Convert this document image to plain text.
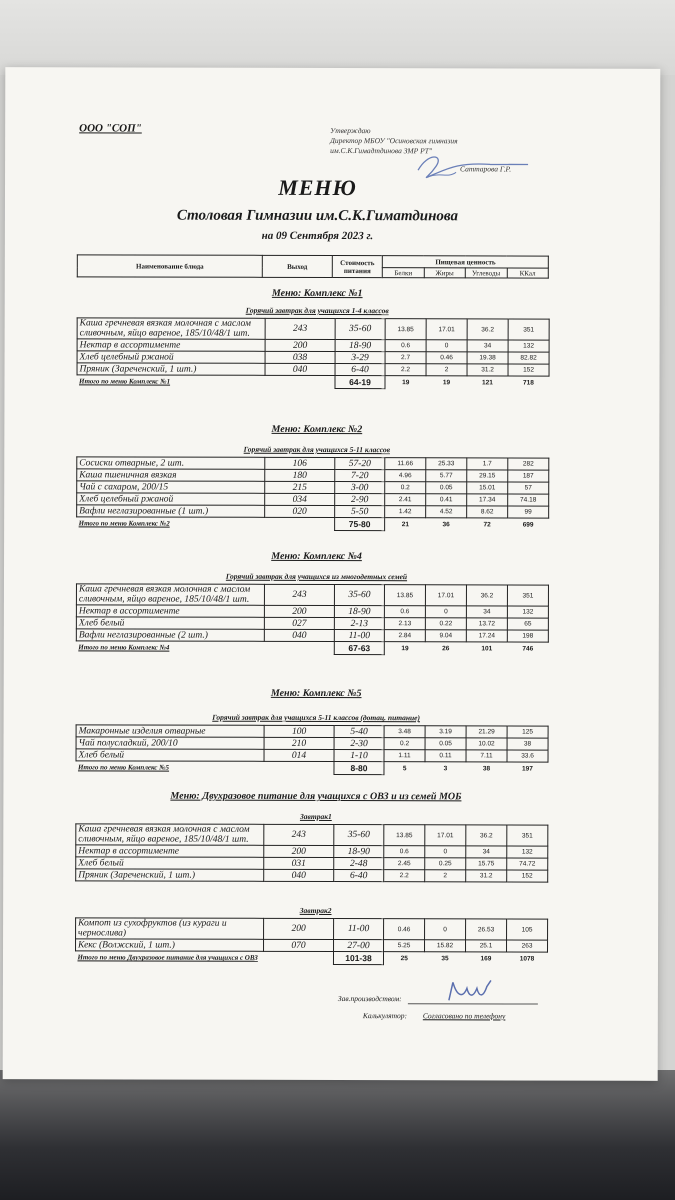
ООО "СОП"	Утверждаю
Директор МБОУ "Осиновская гимназия
им.С.К.Гимадтдинова ЗМР РТ"
Саттарова Г.Р.
МЕНЮ
Столовая Гимназии им.С.К.Гиматдинова
на 09 Сентября 2023 г.
Наименование блюда	Выход	Стоимость питания	Пищевая ценность			
			Белки	Жиры	Углеводы	ККал
Меню: Комплекс №1
Горячий завтрак для учащихся 1-4 классов
Каша гречневая вязкая молочная с маслом сливочным, яйцо вареное, 185/10/48/1 шт.	243	35-60	13.85	17.01	36.2	351
Нектар в ассортименте	200	18-90	0.6	0	34	132
Хлеб целебный ржаной	038	3-29	2.7	0.46	19.38	82.82
Пряник (Зареченский, 1 шт.)	040	6-40	2.2	2	31.2	152
Итого по меню Комплекс №1		64-19	19	19	121	718
Меню: Комплекс №2
Горячий завтрак для учащихся 5-11 классов
Сосиски отварные, 2 шт.	106	57-20	11.66	25.33	1.7	282
Каша пшеничная вязкая	180	7-20	4.96	5.77	29.15	187
Чай с сахаром, 200/15	215	3-00	0.2	0.05	15.01	57
Хлеб целебный ржаной	034	2-90	2.41	0.41	17.34	74.18
Вафли неглазированные (1 шт.)	020	5-50	1.42	4.52	8.62	99
Итого по меню Комплекс №2		75-80	21	36	72	699
Меню: Комплекс №4
Горячий завтрак для учащихся из многодетных семей
Каша гречневая вязкая молочная с маслом сливочным, яйцо вареное, 185/10/48/1 шт.	243	35-60	13.85	17.01	36.2	351
Нектар в ассортименте	200	18-90	0.6	0	34	132
Хлеб белый	027	2-13	2.13	0.22	13.72	65
Вафли неглазированные (2 шт.)	040	11-00	2.84	9.04	17.24	198
Итого по меню Комплекс №4		67-63	19	26	101	746
Меню: Комплекс №5
Горячий завтрак для учащихся 5-11 классов (дотац. питание)
Макаронные изделия отварные	100	5-40	3.48	3.19	21.29	125
Чай полусладкий, 200/10	210	2-30	0.2	0.05	10.02	38
Хлеб белый	014	1-10	1.11	0.11	7.11	33.6
Итого по меню Комплекс №5		8-80	5	3	38	197
Меню: Двухразовое питание для учащихся с ОВЗ и из семей МОБ
Завтрак1
Каша гречневая вязкая молочная с маслом сливочным, яйцо вареное, 185/10/48/1 шт.	243	35-60	13.85	17.01	36.2	351
Нектар в ассортименте	200	18-90	0.6	0	34	132
Хлеб белый	031	2-48	2.45	0.25	15.75	74.72
Пряник (Зареченский, 1 шт.)	040	6-40	2.2	2	31.2	152
Завтрак2
Компот из сухофруктов (из кураги и чернослива)	200	11-00	0.46	0	26.53	105
Кекс (Волжский, 1 шт.)	070	27-00	5.25	15.82	25.1	263
Итого по меню Двухразовое питание для учащихся с ОВЗ		101-38	25	35	169	1078
Зав.производством:
Калькулятор: Согласовано по телефону
